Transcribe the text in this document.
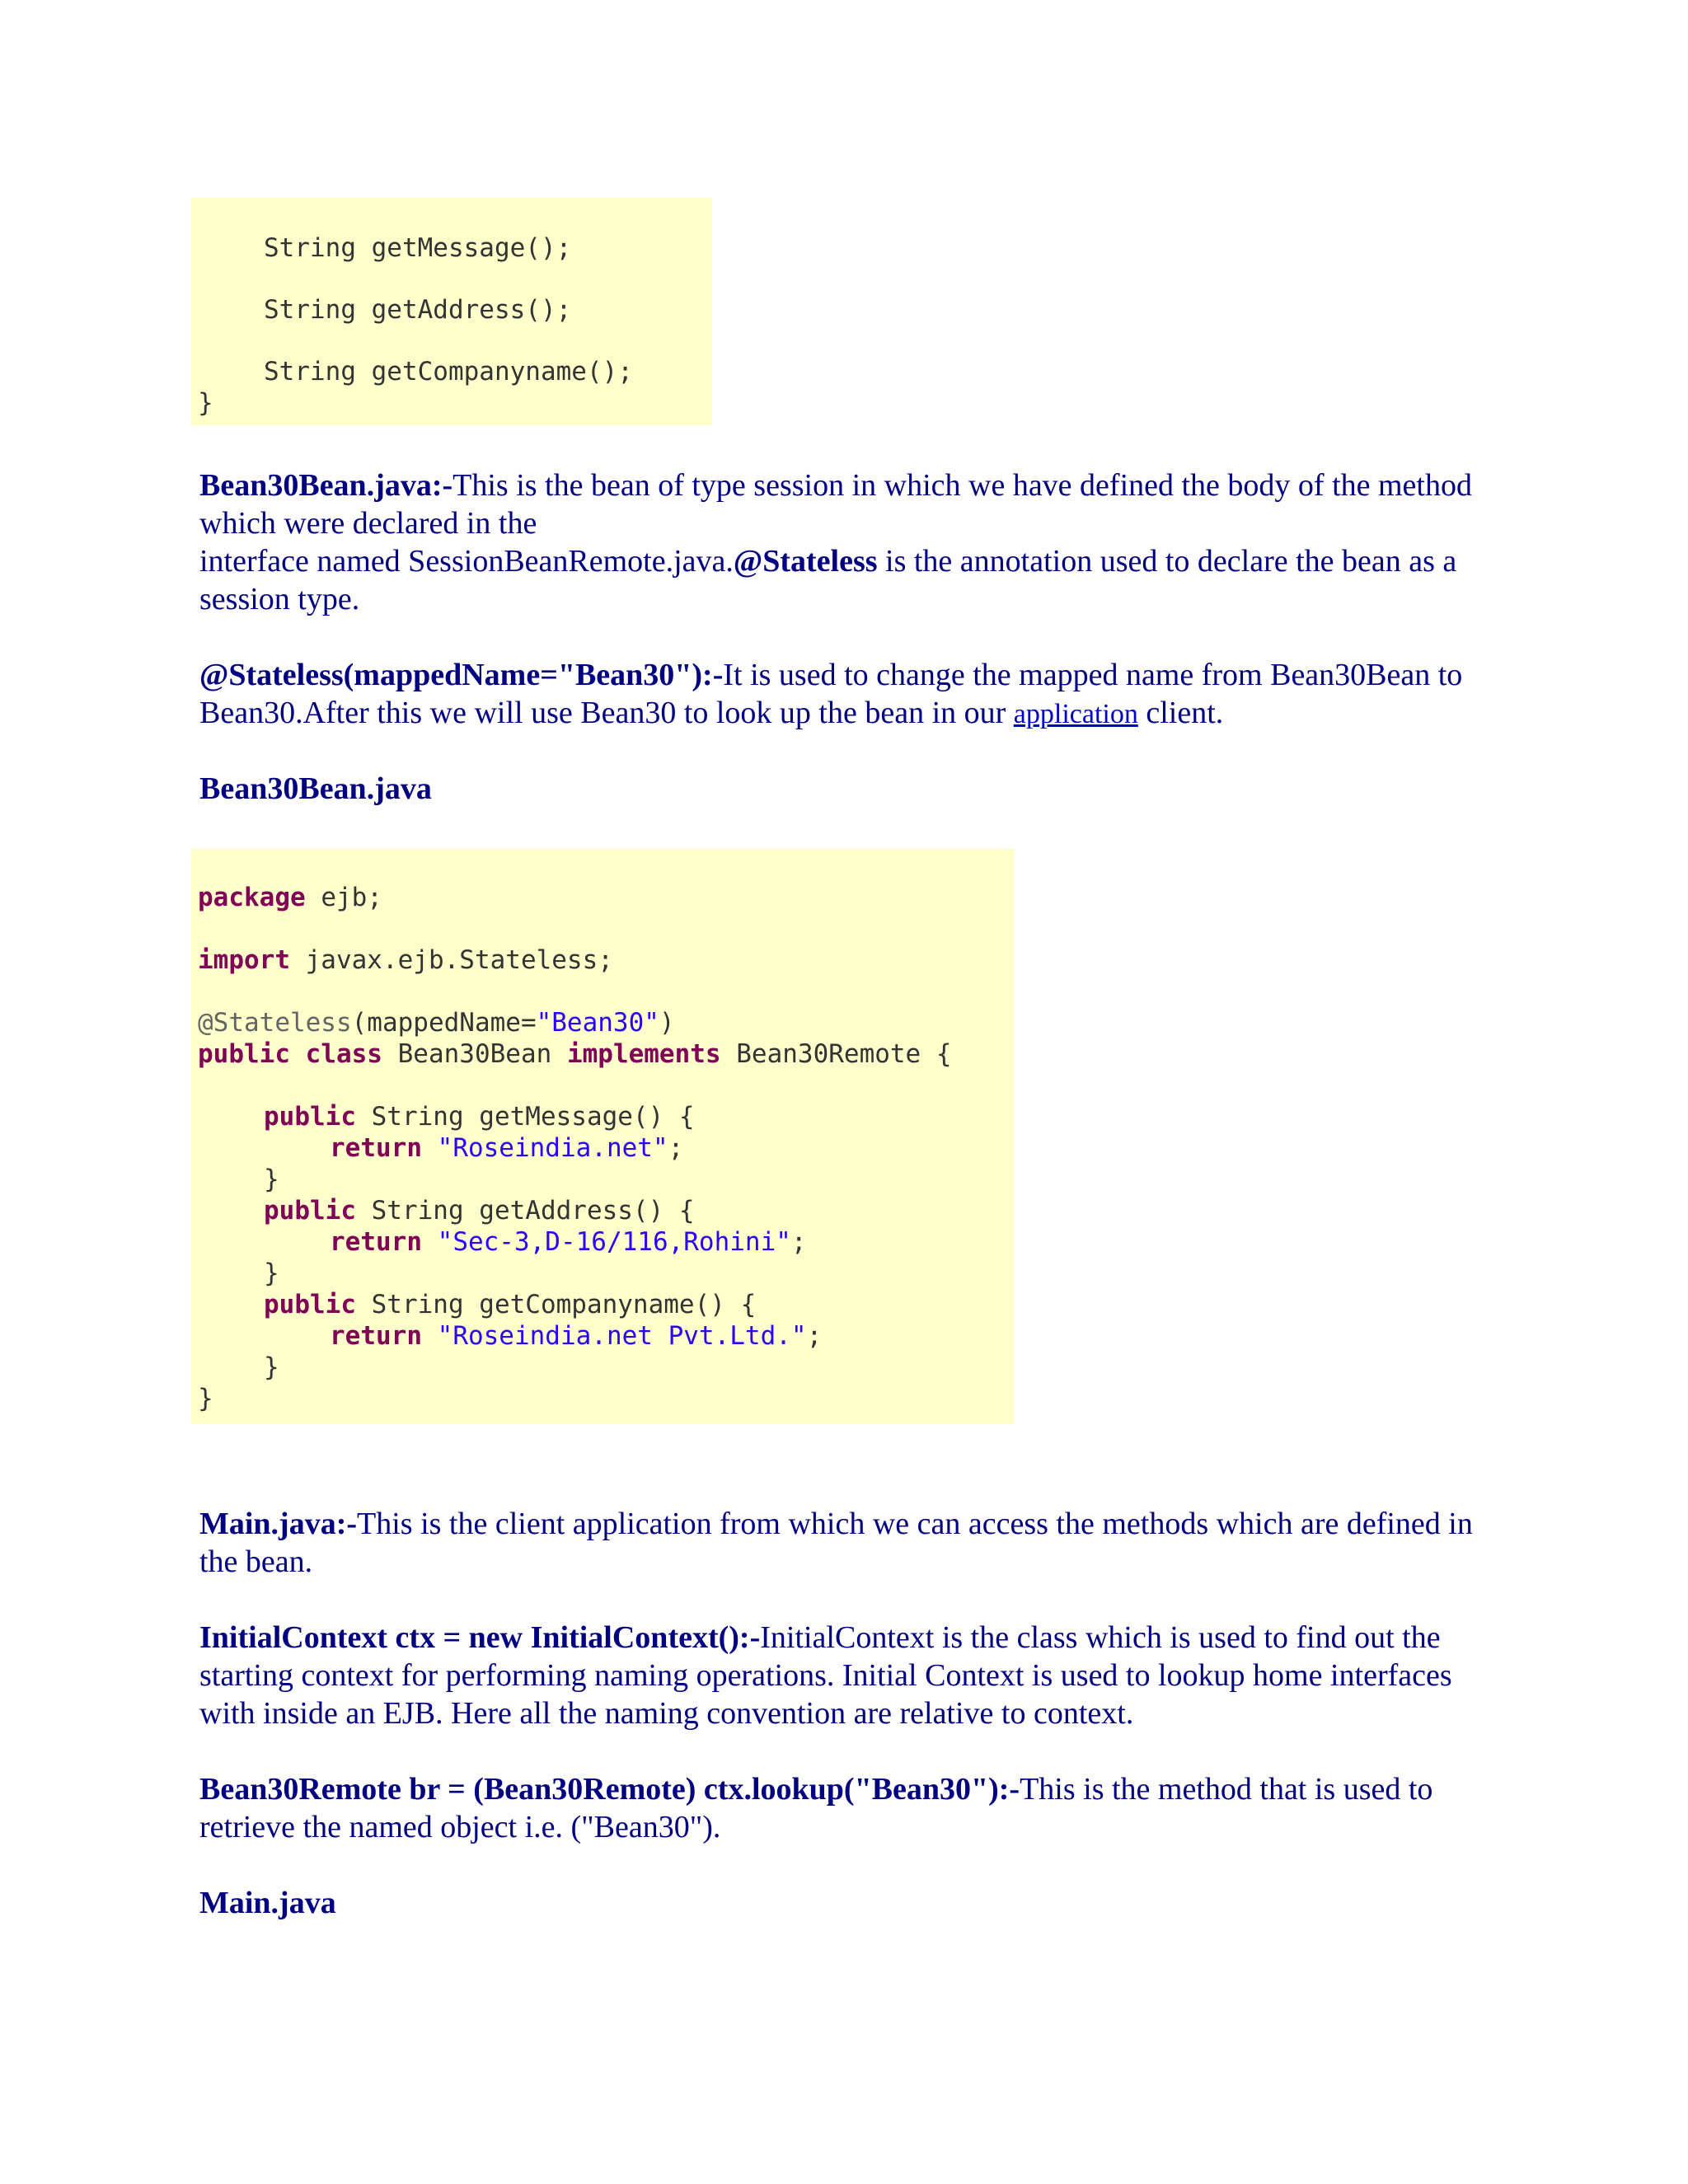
String getMessage();
String getAddress();
String getCompanyname();
}
Bean30Bean.java:-This is the bean of type session in which we have defined the body of the method which were declared in the
interface named SessionBeanRemote.java.@Stateless is the annotation used to declare the bean as a session type.
@Stateless(mappedName="Bean30"):-It is used to change the mapped name from Bean30Bean to Bean30.After this we will use Bean30 to look up the bean in our application client.
Bean30Bean.java
package ejb;
import javax.ejb.Stateless;
@Stateless(mappedName="Bean30")
public class Bean30Bean implements Bean30Remote {
public String getMessage() {
return "Roseindia.net";
}
public String getAddress() {
return "Sec-3,D-16/116,Rohini";
}
public String getCompanyname() {
return "Roseindia.net Pvt.Ltd.";
}
}
Main.java:-This is the client application from which we can access the methods which are defined in the bean.
InitialContext ctx = new InitialContext():-InitialContext is the class which is used to find out the starting context for performing naming operations. Initial Context is used to lookup home interfaces with inside an EJB. Here all the naming convention are relative to context.
Bean30Remote br = (Bean30Remote) ctx.lookup("Bean30"):-This is the method that is used to retrieve the named object i.e. ("Bean30").
Main.java
